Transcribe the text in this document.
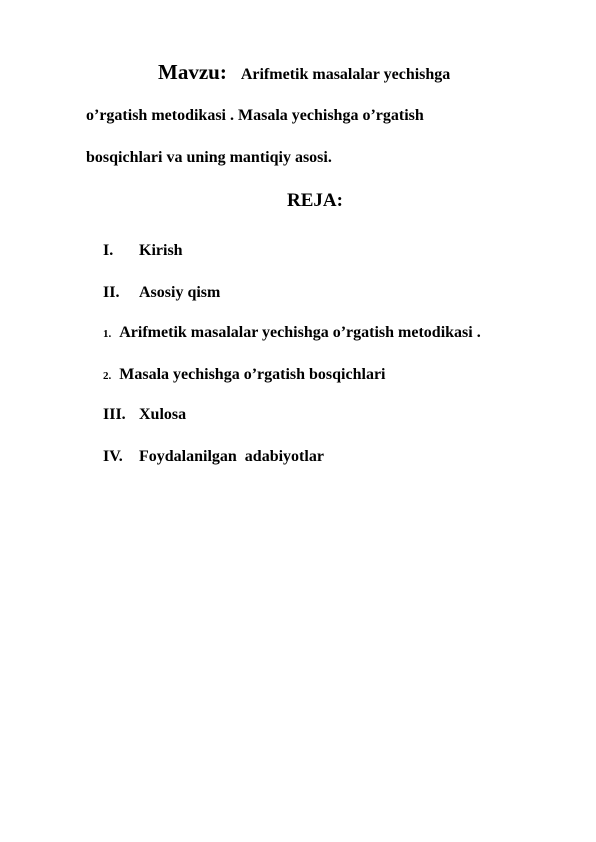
Mavzu: Arifmetik masalalar yechishga
o’rgatish metodikasi . Masala yechishga o’rgatish
bosqichlari va uning mantiqiy asosi.
REJA:
I. Kirish
II. Asosiy qism
1. Arifmetik masalalar yechishga o’rgatish metodikasi .
2. Masala yechishga o’rgatish bosqichlari
III. Xulosa
IV. Foydalanilgan  adabiyotlar
